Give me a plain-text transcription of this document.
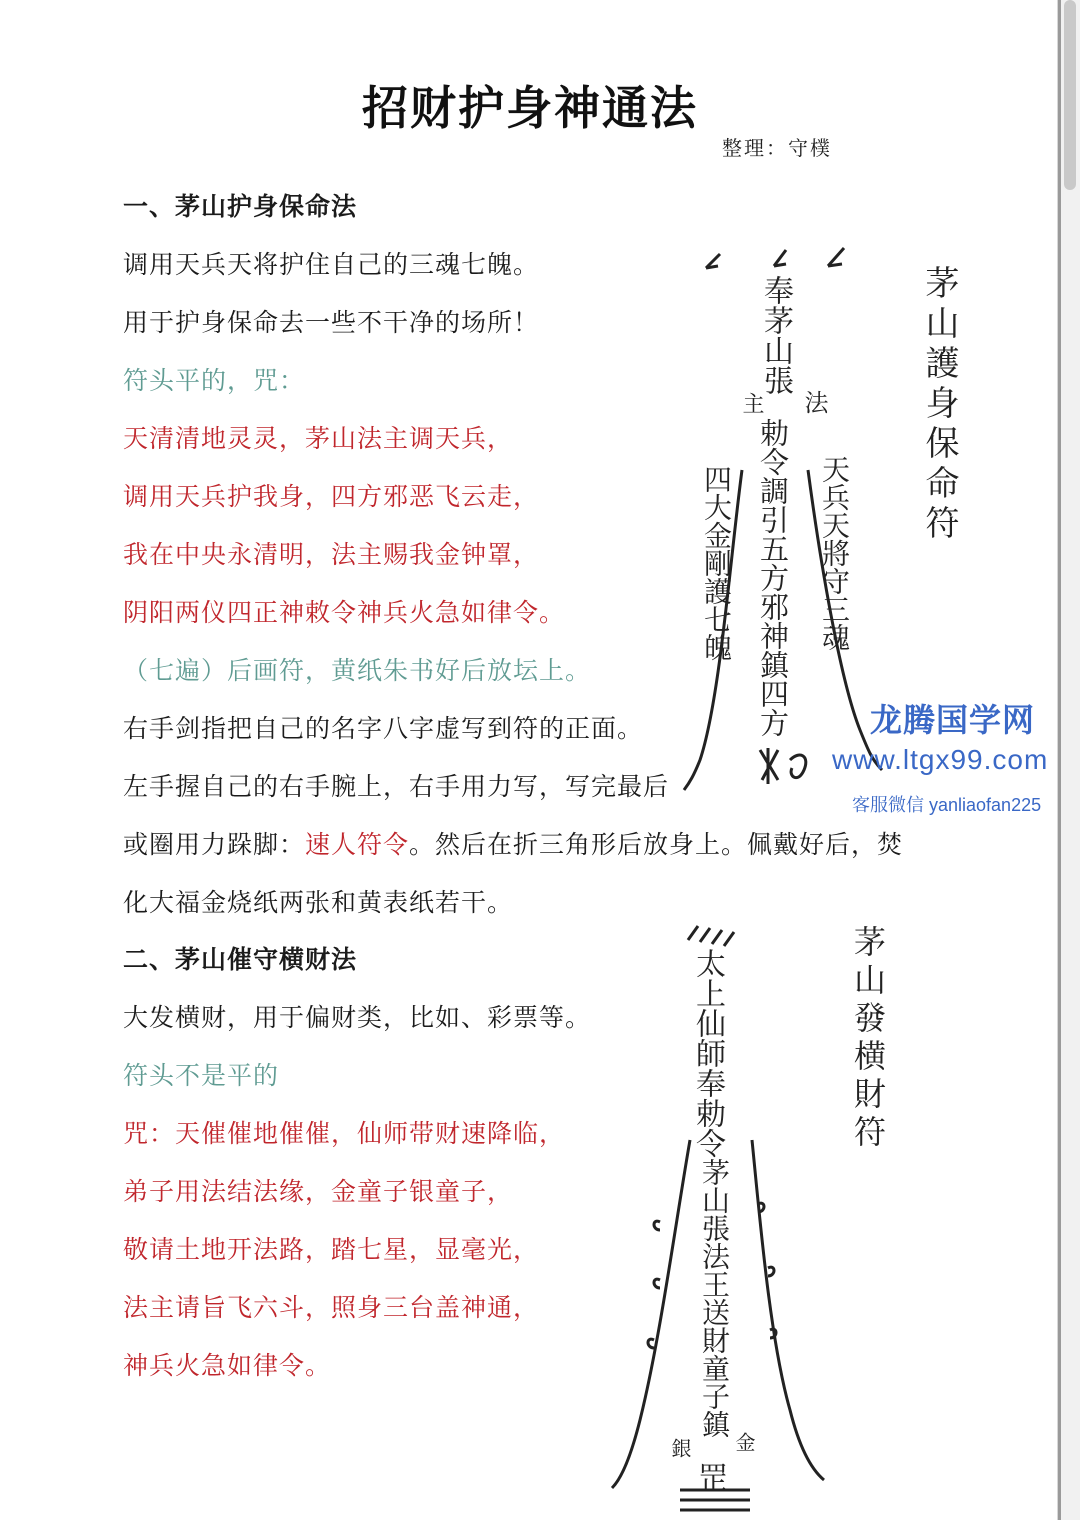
招财护身神通法
整理：守樸
一、茅山护身保命法
调用天兵天将护住自己的三魂七魄。
用于护身保命去一些不干净的场所！
符头平的，咒：
天清清地灵灵，茅山法主调天兵，
调用天兵护我身，四方邪恶飞云走，
我在中央永清明，法主赐我金钟罩，
阴阳两仪四正神敕令神兵火急如律令。
（七遍）后画符，黄纸朱书好后放坛上。
右手剑指把自己的名字八字虚写到符的正面。
左手握自己的右手腕上，右手用力写，写完最后
或圈用力跺脚：速人符令。然后在折三角形后放身上。佩戴好后，焚
化大福金烧纸两张和黄表纸若干。
二、茅山催守横财法
大发横财，用于偏财类，比如、彩票等。
符头不是平的
咒：天催催地催催，仙师带财速降临，
弟子用法结法缘，金童子银童子，
敬请土地开法路，踏七星，显毫光，
法主请旨飞六斗，照身三台盖神通，
神兵火急如律令。
茅山護身保命符
奉茅山張
主 法
勅令調引五方邪神鎮四方
四大金剛護七魄	天兵天將守三魂
茅山發横財符
太上仙師奉勅令
茅山張法王送財童子鎮
銀 金
罡
龙腾国学网
www.ltgx99.com
客服微信 yanliaofan225
